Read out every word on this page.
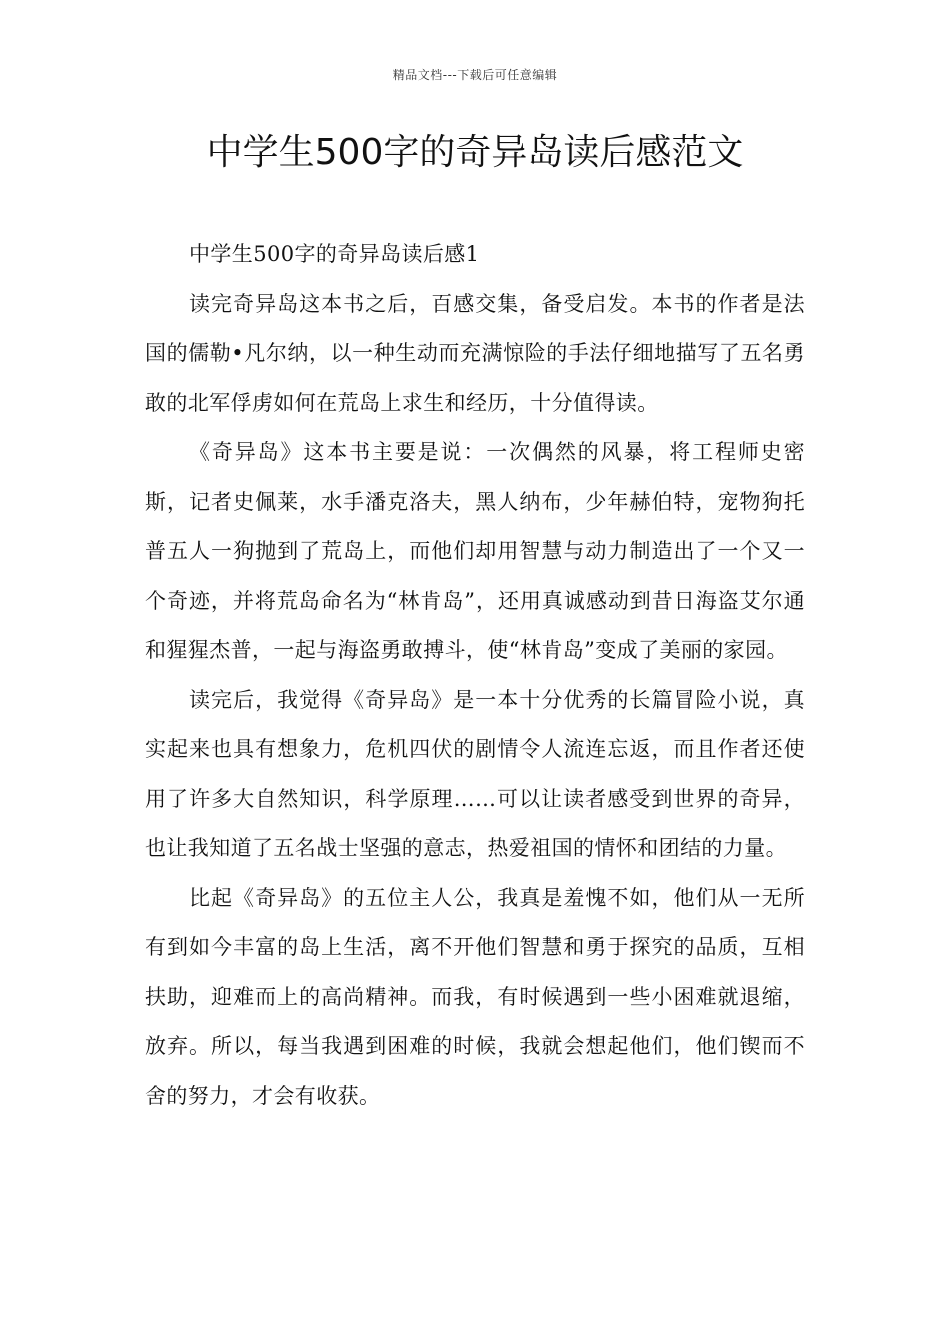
精品文档---下载后可任意编辑
中学生500字的奇异岛读后感范文

中学生500字的奇异岛读后感1

读完奇异岛这本书之后，百感交集，备受启发。本书的作者是法国的儒勒•凡尔纳，以一种生动而充满惊险的手法仔细地描写了五名勇敢的北军俘虏如何在荒岛上求生和经历，十分值得读。

《奇异岛》这本书主要是说：一次偶然的风暴，将工程师史密斯，记者史佩莱，水手潘克洛夫，黑人纳布，少年赫伯特，宠物狗托普五人一狗抛到了荒岛上，而他们却用智慧与动力制造出了一个又一个奇迹，并将荒岛命名为“林肯岛”，还用真诚感动到昔日海盗艾尔通和猩猩杰普，一起与海盗勇敢搏斗，使“林肯岛”变成了美丽的家园。

读完后，我觉得《奇异岛》是一本十分优秀的长篇冒险小说，真实起来也具有想象力，危机四伏的剧情令人流连忘返，而且作者还使用了许多大自然知识，科学原理……可以让读者感受到世界的奇异，也让我知道了五名战士坚强的意志，热爱祖国的情怀和团结的力量。

比起《奇异岛》的五位主人公，我真是羞愧不如，他们从一无所有到如今丰富的岛上生活，离不开他们智慧和勇于探究的品质，互相扶助，迎难而上的高尚精神。而我，有时候遇到一些小困难就退缩，放弃。所以，每当我遇到困难的时候，我就会想起他们，他们锲而不舍的努力，才会有收获。
